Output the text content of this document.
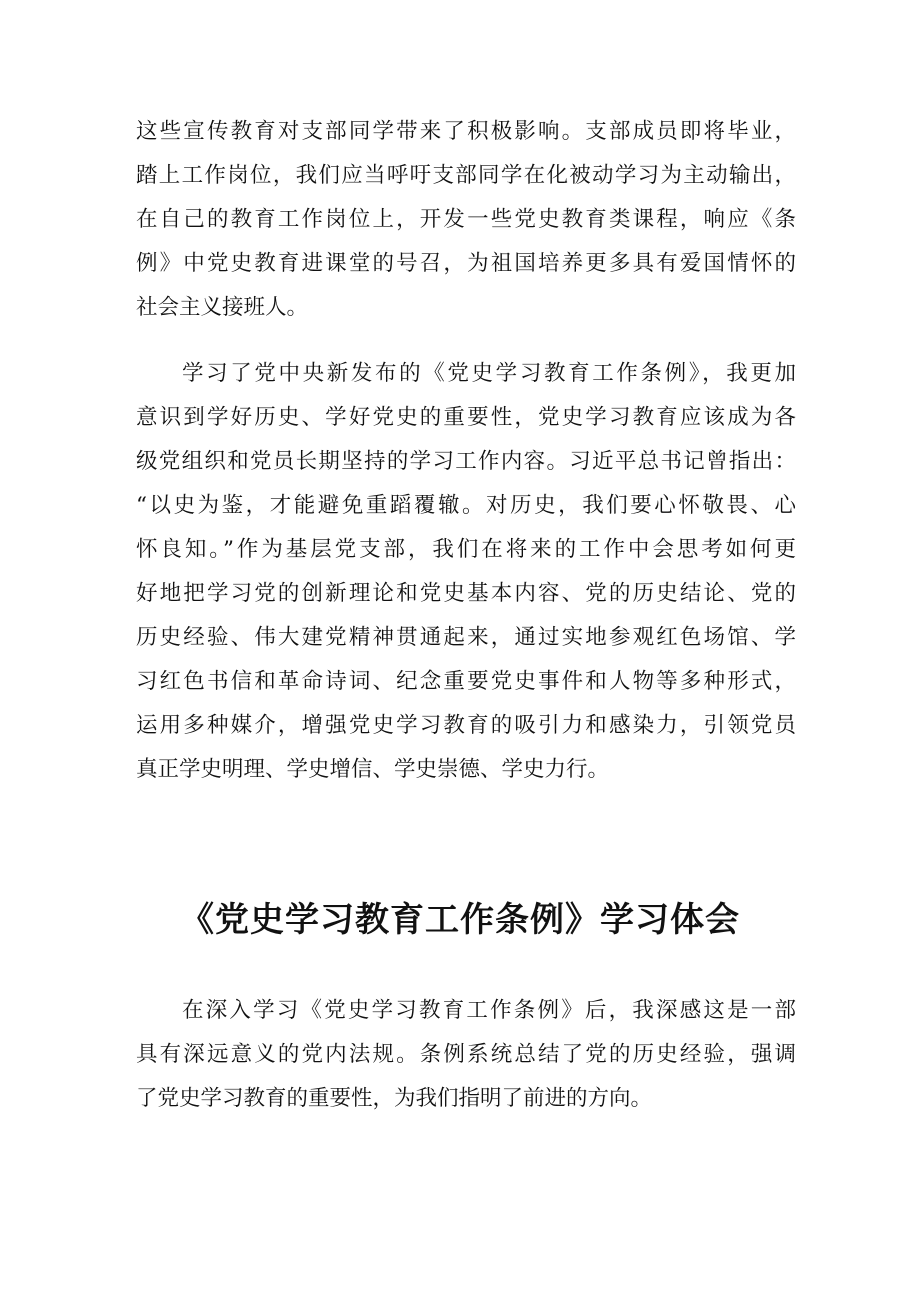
这些宣传教育对支部同学带来了积极影响。支部成员即将毕业，
踏上工作岗位，我们应当呼吁支部同学在化被动学习为主动输出，
在自己的教育工作岗位上，开发一些党史教育类课程，响应《条
例》中党史教育进课堂的号召，为祖国培养更多具有爱国情怀的
社会主义接班人。
学习了党中央新发布的《党史学习教育工作条例》，我更加
意识到学好历史、学好党史的重要性，党史学习教育应该成为各
级党组织和党员长期坚持的学习工作内容。习近平总书记曾指出：
“以史为鉴，才能避免重蹈覆辙。对历史，我们要心怀敬畏、心
怀良知。”作为基层党支部，我们在将来的工作中会思考如何更
好地把学习党的创新理论和党史基本内容、党的历史结论、党的
历史经验、伟大建党精神贯通起来，通过实地参观红色场馆、学
习红色书信和革命诗词、纪念重要党史事件和人物等多种形式，
运用多种媒介，增强党史学习教育的吸引力和感染力，引领党员
真正学史明理、学史增信、学史崇德、学史力行。
《党史学习教育工作条例》学习体会
在深入学习《党史学习教育工作条例》后，我深感这是一部
具有深远意义的党内法规。条例系统总结了党的历史经验，强调
了党史学习教育的重要性，为我们指明了前进的方向。
